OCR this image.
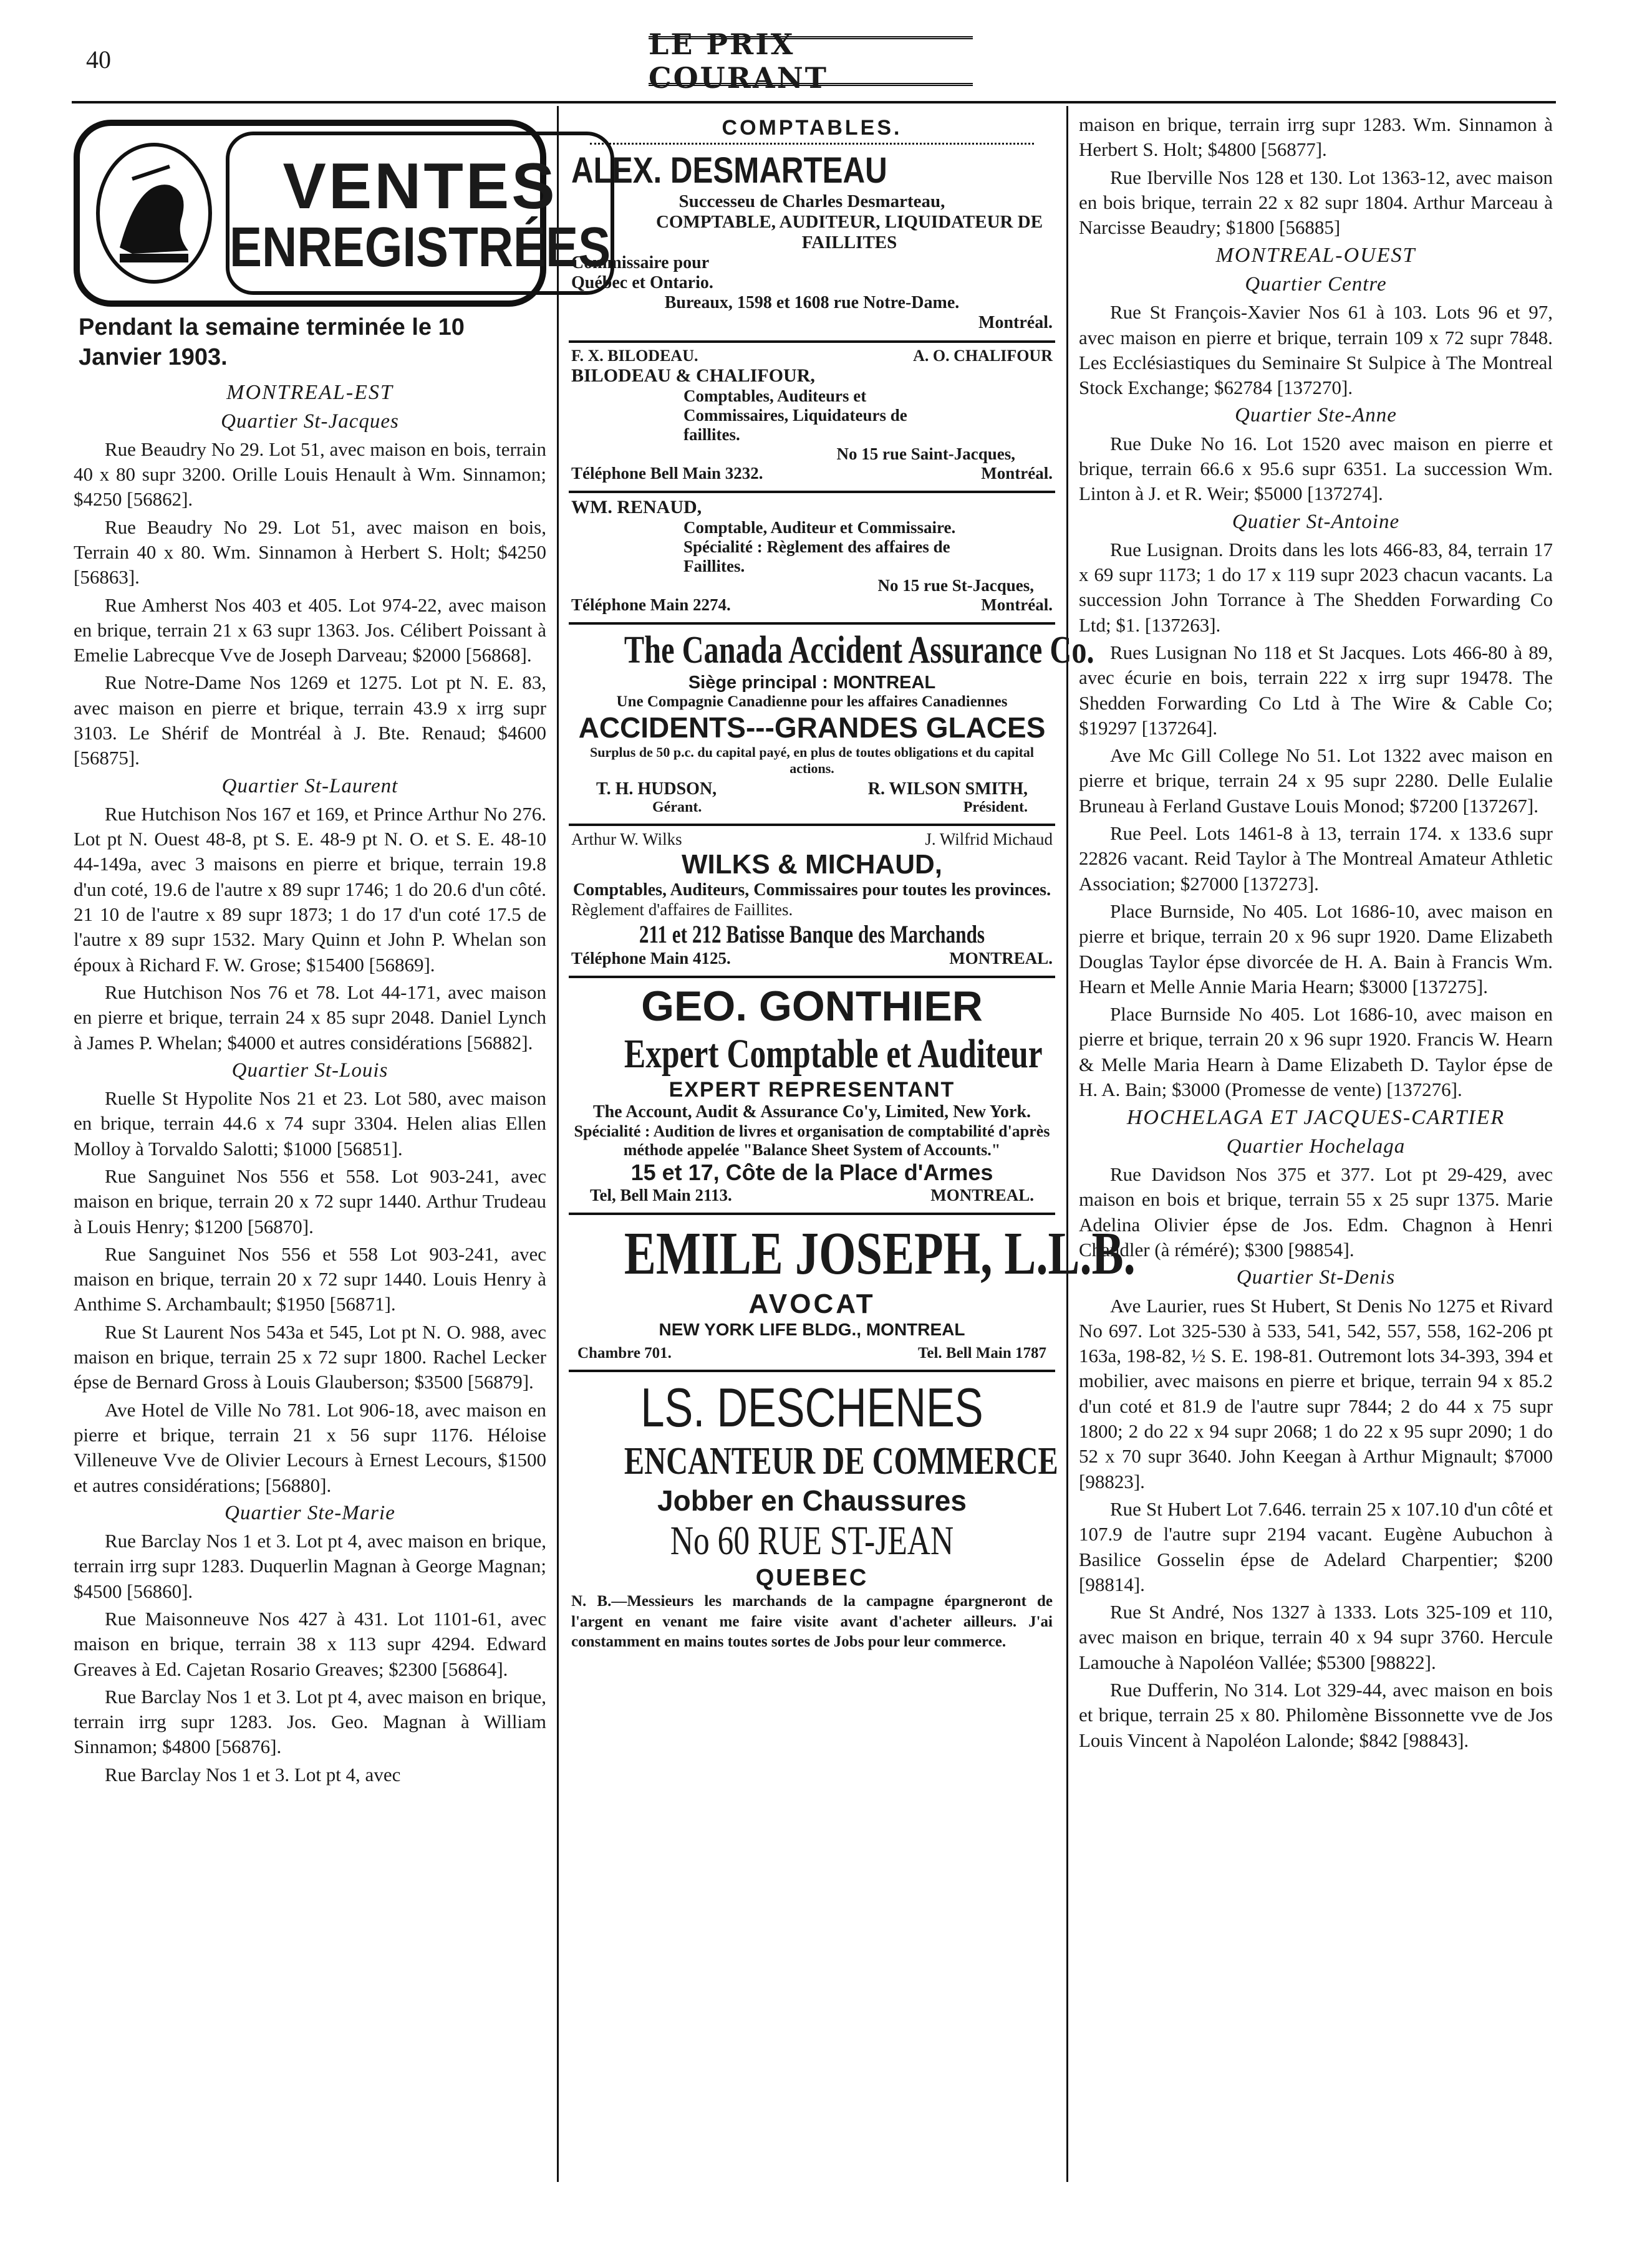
40	LE PRIX COURANT
VENTES
ENREGISTRÉES
Pendant la semaine terminée le 10 Janvier 1903.
MONTREAL-EST
Quartier St-Jacques

Rue Beaudry No 29. Lot 51, avec maison en bois, terrain 40 x 80 supr 3200. Orille Louis Henault à Wm. Sinnamon; $4250 [56862].

Rue Beaudry No 29. Lot 51, avec maison en bois, Terrain 40 x 80. Wm. Sinnamon à Herbert S. Holt; $4250 [56863].

Rue Amherst Nos 403 et 405. Lot 974-22, avec maison en brique, terrain 21 x 63 supr 1363. Jos. Célibert Poissant à Emelie Labrecque Vve de Joseph Darveau; $2000 [56868].

Rue Notre-Dame Nos 1269 et 1275. Lot pt N. E. 83, avec maison en pierre et brique, terrain 43.9 x irrg supr 3103. Le Shérif de Montréal à J. Bte. Renaud; $4600 [56875].

Quartier St-Laurent

Rue Hutchison Nos 167 et 169, et Prince Arthur No 276. Lot pt N. Ouest 48-8, pt S. E. 48-9 pt N. O. et S. E. 48-10 44-149a, avec 3 maisons en pierre et brique, terrain 19.8 d'un coté, 19.6 de l'autre x 89 supr 1746; 1 do 20.6 d'un côté. 21 10 de l'autre x 89 supr 1873; 1 do 17 d'un coté 17.5 de l'autre x 89 supr 1532. Mary Quinn et John P. Whelan son époux à Richard F. W. Grose; $15400 [56869].

Rue Hutchison Nos 76 et 78. Lot 44-171, avec maison en pierre et brique, terrain 24 x 85 supr 2048. Daniel Lynch à James P. Whelan; $4000 et autres considérations [56882].

Quartier St-Louis

Ruelle St Hypolite Nos 21 et 23. Lot 580, avec maison en brique, terrain 44.6 x 74 supr 3304. Helen alias Ellen Molloy à Torvaldo Salotti; $1000 [56851].

Rue Sanguinet Nos 556 et 558. Lot 903-241, avec maison en brique, terrain 20 x 72 supr 1440. Arthur Trudeau à Louis Henry; $1200 [56870].

Rue Sanguinet Nos 556 et 558 Lot 903-241, avec maison en brique, terrain 20 x 72 supr 1440. Louis Henry à Anthime S. Archambault; $1950 [56871].

Rue St Laurent Nos 543a et 545, Lot pt N. O. 988, avec maison en brique, terrain 25 x 72 supr 1800. Rachel Lecker épse de Bernard Gross à Louis Glauberson; $3500 [56879].

Ave Hotel de Ville No 781. Lot 906-18, avec maison en pierre et brique, terrain 21 x 56 supr 1176. Héloise Villeneuve Vve de Olivier Lecours à Ernest Lecours, $1500 et autres considérations; [56880].

Quartier Ste-Marie

Rue Barclay Nos 1 et 3. Lot pt 4, avec maison en brique, terrain irrg supr 1283. Duquerlin Magnan à George Magnan; $4500 [56860].

Rue Maisonneuve Nos 427 à 431. Lot 1101-61, avec maison en brique, terrain 38 x 113 supr 4294. Edward Greaves à Ed. Cajetan Rosario Greaves; $2300 [56864].

Rue Barclay Nos 1 et 3. Lot pt 4, avec maison en brique, terrain irrg supr 1283. Jos. Geo. Magnan à William Sinnamon; $4800 [56876].

Rue Barclay Nos 1 et 3. Lot pt 4, avec

COMPTABLES.
ALEX. DESMARTEAU
Successeu de Charles Desmarteau,
COMPTABLE, AUDITEUR, LIQUIDATEUR DE FAILLITES
Commissaire pour Québec et Ontario.
Bureaux, 1598 et 1608 rue Notre-Dame.
Montréal.
F. X. BILODEAU.	A. O. CHALIFOUR
BILODEAU & CHALIFOUR,
Comptables, Auditeurs et Commissaires, Liquidateurs de faillites.
No 15 rue Saint-Jacques,
Téléphone Bell Main 3232.	Montréal.
WM. RENAUD,
Comptable, Auditeur et Commissaire. Spécialité : Règlement des affaires de Faillites.
No 15 rue St-Jacques,
Téléphone Main 2274.	Montréal.
The Canada Accident Assurance Co.
Siège principal : MONTREAL
Une Compagnie Canadienne pour les affaires Canadiennes
ACCIDENTS---GRANDES GLACES
Surplus de 50 p.c. du capital payé, en plus de toutes obligations et du capital actions.
T. H. HUDSON,	R. WILSON SMITH,
Gérant.	Président.
Arthur W. Wilks	J. Wilfrid Michaud
WILKS & MICHAUD,
Comptables, Auditeurs, Commissaires pour toutes les provinces.
Règlement d'affaires de Faillites.
211 et 212 Batisse Banque des Marchands
Téléphone Main 4125.	MONTREAL.
GEO. GONTHIER
Expert Comptable et Auditeur
EXPERT REPRESENTANT
The Account, Audit & Assurance Co'y, Limited, New York.
Spécialité : Audition de livres et organisation de comptabilité d'après méthode appelée "Balance Sheet System of Accounts."
15 et 17, Côte de la Place d'Armes
Tel, Bell Main 2113.	MONTREAL.
EMILE JOSEPH, L.L.B.
AVOCAT
NEW YORK LIFE BLDG., MONTREAL
Chambre 701.	Tel. Bell Main 1787
LS. DESCHENES
ENCANTEUR DE COMMERCE
Jobber en Chaussures
No 60 RUE ST-JEAN
QUEBEC
N. B.—Messieurs les marchands de la campagne épargneront de l'argent en venant me faire visite avant d'acheter ailleurs. J'ai constamment en mains toutes sortes de Jobs pour leur commerce.

maison en brique, terrain irrg supr 1283. Wm. Sinnamon à Herbert S. Holt; $4800 [56877].

Rue Iberville Nos 128 et 130. Lot 1363-12, avec maison en bois brique, terrain 22 x 82 supr 1804. Arthur Marceau à Narcisse Beaudry; $1800 [56885]

MONTREAL-OUEST
Quartier Centre

Rue St François-Xavier Nos 61 à 103. Lots 96 et 97, avec maison en pierre et brique, terrain 109 x 72 supr 7848. Les Ecclésiastiques du Seminaire St Sulpice à The Montreal Stock Exchange; $62784 [137270].

Quartier Ste-Anne

Rue Duke No 16. Lot 1520 avec maison en pierre et brique, terrain 66.6 x 95.6 supr 6351. La succession Wm. Linton à J. et R. Weir; $5000 [137274].

Quatier St-Antoine

Rue Lusignan. Droits dans les lots 466-83, 84, terrain 17 x 69 supr 1173; 1 do 17 x 119 supr 2023 chacun vacants. La succession John Torrance à The Shedden Forwarding Co Ltd; $1. [137263].

Rues Lusignan No 118 et St Jacques. Lots 466-80 à 89, avec écurie en bois, terrain 222 x irrg supr 19478. The Shedden Forwarding Co Ltd à The Wire & Cable Co; $19297 [137264].

Ave Mc Gill College No 51. Lot 1322 avec maison en pierre et brique, terrain 24 x 95 supr 2280. Delle Eulalie Bruneau à Ferland Gustave Louis Monod; $7200 [137267].

Rue Peel. Lots 1461-8 à 13, terrain 174. x 133.6 supr 22826 vacant. Reid Taylor à The Montreal Amateur Athletic Association; $27000 [137273].

Place Burnside, No 405. Lot 1686-10, avec maison en pierre et brique, terrain 20 x 96 supr 1920. Dame Elizabeth Douglas Taylor épse divorcée de H. A. Bain à Francis Wm. Hearn et Melle Annie Maria Hearn; $3000 [137275].

Place Burnside No 405. Lot 1686-10, avec maison en pierre et brique, terrain 20 x 96 supr 1920. Francis W. Hearn & Melle Maria Hearn à Dame Elizabeth D. Taylor épse de H. A. Bain; $3000 (Promesse de vente) [137276].

HOCHELAGA ET JACQUES-CARTIER
Quartier Hochelaga

Rue Davidson Nos 375 et 377. Lot pt 29-429, avec maison en bois et brique, terrain 55 x 25 supr 1375. Marie Adelina Olivier épse de Jos. Edm. Chagnon à Henri Chandler (à réméré); $300 [98854].

Quartier St-Denis

Ave Laurier, rues St Hubert, St Denis No 1275 et Rivard No 697. Lot 325-530 à 533, 541, 542, 557, 558, 162-206 pt 163a, 198-82, ½ S. E. 198-81. Outremont lots 34-393, 394 et mobilier, avec maisons en pierre et brique, terrain 94 x 85.2 d'un coté et 81.9 de l'autre supr 7844; 2 do 44 x 75 supr 1800; 2 do 22 x 94 supr 2068; 1 do 22 x 95 supr 2090; 1 do 52 x 70 supr 3640. John Keegan à Arthur Mignault; $7000 [98823].

Rue St Hubert Lot 7.646. terrain 25 x 107.10 d'un côté et 107.9 de l'autre supr 2194 vacant. Eugène Aubuchon à Basilice Gosselin épse de Adelard Charpentier; $200 [98814].

Rue St André, Nos 1327 à 1333. Lots 325-109 et 110, avec maison en brique, terrain 40 x 94 supr 3760. Hercule Lamouche à Napoléon Vallée; $5300 [98822].

Rue Dufferin, No 314. Lot 329-44, avec maison en bois et brique, terrain 25 x 80. Philomène Bissonnette vve de Jos Louis Vincent à Napoléon Lalonde; $842 [98843].
